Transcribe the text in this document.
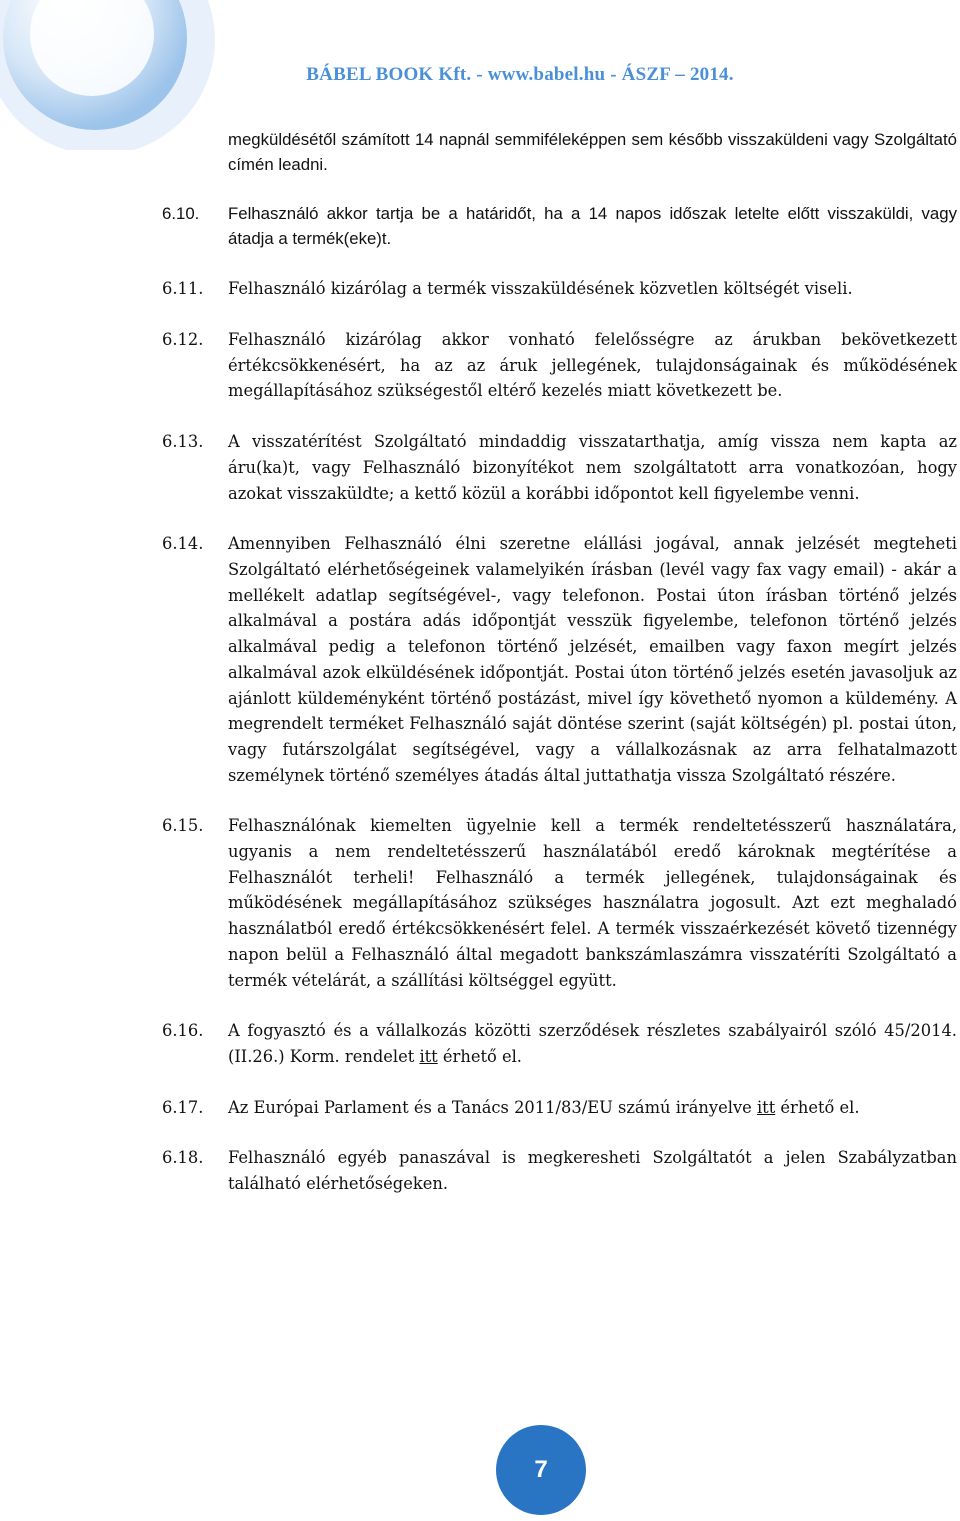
BÁBEL BOOK Kft. - www.babel.hu - ÁSZF – 2014.
megküldésétől számított 14 napnál semmiféleképpen sem később visszaküldeni vagy Szolgáltató címén leadni.
6.10.	Felhasználó akkor tartja be a határidőt, ha a 14 napos időszak letelte előtt visszaküldi, vagy átadja a termék(eke)t.
6.11.	Felhasználó kizárólag a termék visszaküldésének közvetlen költségét viseli.
6.12.	Felhasználó kizárólag akkor vonható felelősségre az árukban bekövetkezett értékcsökkenésért, ha az az áruk jellegének, tulajdonságainak és működésének megállapításához szükségestől eltérő kezelés miatt következett be.
6.13.	A visszatérítést Szolgáltató mindaddig visszatarthatja, amíg vissza nem kapta az áru(ka)t, vagy Felhasználó bizonyítékot nem szolgáltatott arra vonatkozóan, hogy azokat visszaküldte; a kettő közül a korábbi időpontot kell figyelembe venni.
6.14.	Amennyiben Felhasználó élni szeretne elállási jogával, annak jelzését megteheti Szolgáltató elérhetőségeinek valamelyikén írásban (levél vagy fax vagy email) - akár a mellékelt adatlap segítségével-, vagy telefonon. Postai úton írásban történő jelzés alkalmával a postára adás időpontját vesszük figyelembe, telefonon történő jelzés alkalmával pedig a telefonon történő jelzését, emailben vagy faxon megírt jelzés alkalmával azok elküldésének időpontját. Postai úton történő jelzés esetén javasoljuk az ajánlott küldeményként történő postázást, mivel így követhető nyomon a küldemény. A megrendelt terméket Felhasználó saját döntése szerint (saját költségén) pl. postai úton, vagy futárszolgálat segítségével, vagy a vállalkozásnak az arra felhatalmazott személynek történő személyes átadás által juttathatja vissza Szolgáltató részére.
6.15.	Felhasználónak kiemelten ügyelnie kell a termék rendeltetésszerű használatára, ugyanis a nem rendeltetésszerű használatából eredő károknak megtérítése a Felhasználót terheli! Felhasználó a termék jellegének, tulajdonságainak és működésének megállapításához szükséges használatra jogosult. Azt ezt meghaladó használatból eredő értékcsökkenésért felel. A termék visszaérkezését követő tizennégy napon belül a Felhasználó által megadott bankszámlaszámra visszatéríti Szolgáltató a termék vételárát, a szállítási költséggel együtt.
6.16.	A fogyasztó és a vállalkozás közötti szerződések részletes szabályairól szóló 45/2014. (II.26.) Korm. rendelet itt érhető el.
6.17.	Az Európai Parlament és a Tanács 2011/83/EU számú irányelve itt érhető el.
6.18.	Felhasználó egyéb panaszával is megkeresheti Szolgáltatót a jelen Szabályzatban található elérhetőségeken.
7
